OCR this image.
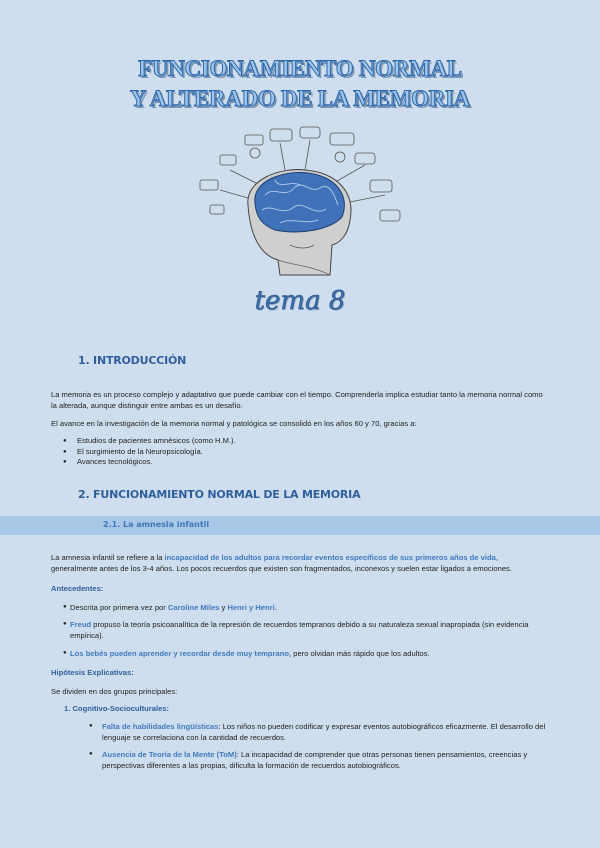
FUNCIONAMIENTO NORMAL
Y ALTERADO DE LA MEMORIA
tema 8
1. INTRODUCCIÓN
La memoria es un proceso complejo y adaptativo que puede cambiar con el tiempo. Comprenderla implica estudiar tanto la memoria normal como la alterada, aunque distinguir entre ambas es un desafío.
El avance en la investigación de la memoria normal y patológica se consolidó en los años 60 y 70, gracias a:
● Estudios de pacientes amnésicos (como H.M.).
● El surgimiento de la Neuropsicología.
● Avances tecnológicos.
2. FUNCIONAMIENTO NORMAL DE LA MEMORIA
2.1. La amnesia infantil
La amnesia infantil se refiere a la incapacidad de los adultos para recordar eventos específicos de sus primeros años de vida, generalmente antes de los 3-4 años. Los pocos recuerdos que existen son fragmentados, inconexos y suelen estar ligados a emociones.
Antecedentes:
● Descrita por primera vez por Caroline Miles y Henri y Henri.
● Freud propuso la teoría psicoanalítica de la represión de recuerdos tempranos debido a su naturaleza sexual inapropiada (sin evidencia empírica).
● Los bebés pueden aprender y recordar desde muy temprano, pero olvidan más rápido que los adultos.
Hipótesis Explicativas:
Se dividen en dos grupos principales:
1. Cognitivo-Socioculturales:
● Falta de habilidades lingüísticas: Los niños no pueden codificar y expresar eventos autobiográficos eficazmente. El desarrollo del lenguaje se correlaciona con la cantidad de recuerdos.
● Ausencia de Teoría de la Mente (ToM): La incapacidad de comprender que otras personas tienen pensamientos, creencias y perspectivas diferentes a las propias, dificulta la formación de recuerdos autobiográficos.
